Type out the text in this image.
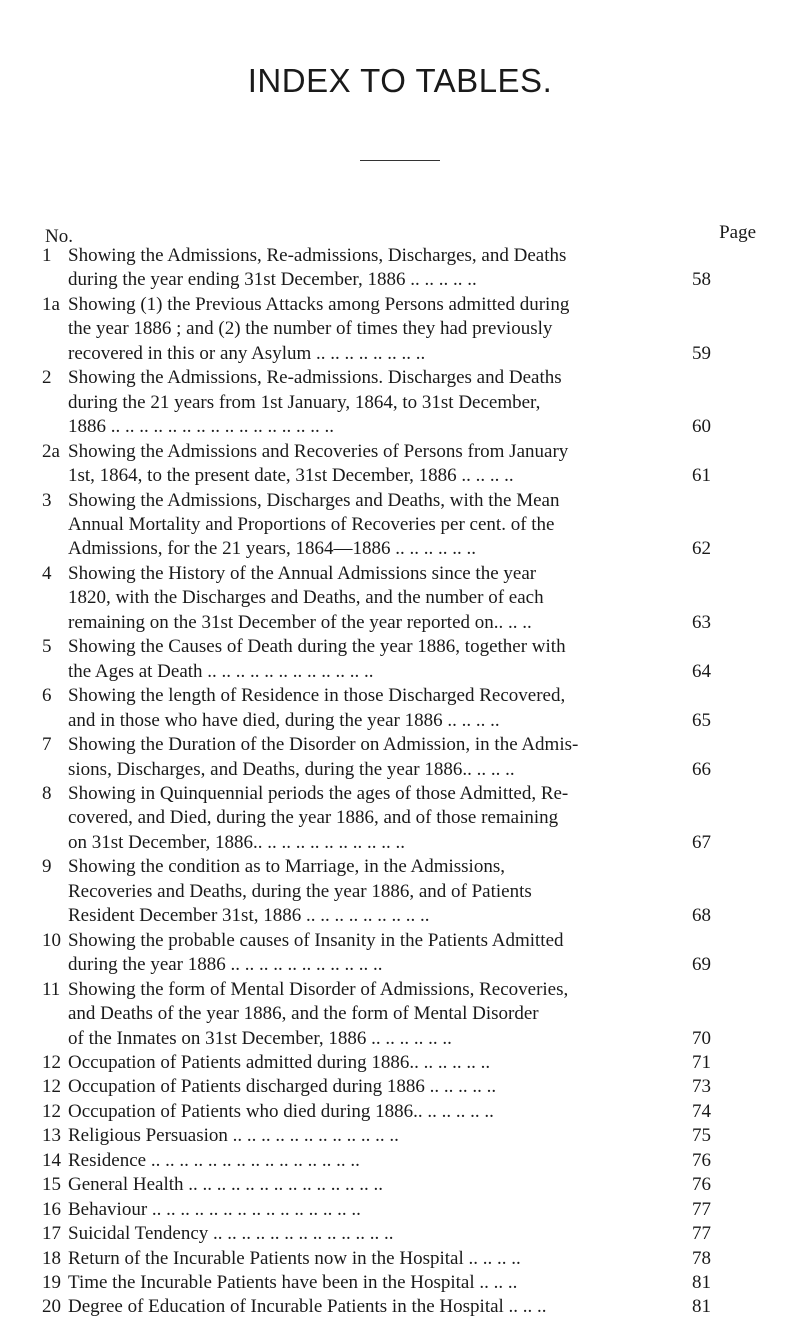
INDEX TO TABLES.
No.	Page
1 Showing the Admissions, Re-admissions, Discharges, and Deaths
during the year ending 31st December, 1886 .. .. .. .. ..	58
1a Showing (1) the Previous Attacks among Persons admitted during
the year 1886 ; and (2) the number of times they had previously
recovered in this or any Asylum .. .. .. .. .. .. .. ..	59
2 Showing the Admissions, Re-admissions. Discharges and Deaths
during the 21 years from 1st January, 1864, to 31st December,
1886 .. .. .. .. .. .. .. .. .. .. .. .. .. .. .. ..	60
2a Showing the Admissions and Recoveries of Persons from January
1st, 1864, to the present date, 31st December, 1886 .. .. .. ..	61
3 Showing the Admissions, Discharges and Deaths, with the Mean
Annual Mortality and Proportions of Recoveries per cent. of the
Admissions, for the 21 years, 1864—1886 .. .. .. .. .. ..	62
4 Showing the History of the Annual Admissions since the year
1820, with the Discharges and Deaths, and the number of each
remaining on the 31st December of the year reported on.. .. ..	63
5 Showing the Causes of Death during the year 1886, together with
the Ages at Death .. .. .. .. .. .. .. .. .. .. .. ..	64
6 Showing the length of Residence in those Discharged Recovered,
and in those who have died, during the year 1886 .. .. .. ..	65
7 Showing the Duration of the Disorder on Admission, in the Admis-
sions, Discharges, and Deaths, during the year 1886.. .. .. ..	66
8 Showing in Quinquennial periods the ages of those Admitted, Re-
covered, and Died, during the year 1886, and of those remaining
on 31st December, 1886.. .. .. .. .. .. .. .. .. .. ..	67
9 Showing the condition as to Marriage, in the Admissions,
Recoveries and Deaths, during the year 1886, and of Patients
Resident December 31st, 1886 .. .. .. .. .. .. .. .. ..	68
10 Showing the probable causes of Insanity in the Patients Admitted
during the year 1886 .. .. .. .. .. .. .. .. .. .. ..	69
11 Showing the form of Mental Disorder of Admissions, Recoveries,
and Deaths of the year 1886, and the form of Mental Disorder
of the Inmates on 31st December, 1886 .. .. .. .. .. ..	70
12 Occupation of Patients admitted during 1886.. .. .. .. .. ..	71
12 Occupation of Patients discharged during 1886 .. .. .. .. ..	73
12 Occupation of Patients who died during 1886.. .. .. .. .. ..	74
13 Religious Persuasion .. .. .. .. .. .. .. .. .. .. .. ..	75
14 Residence .. .. .. .. .. .. .. .. .. .. .. .. .. .. ..	76
15 General Health .. .. .. .. .. .. .. .. .. .. .. .. .. ..	76
16 Behaviour .. .. .. .. .. .. .. .. .. .. .. .. .. .. ..	77
17 Suicidal Tendency .. .. .. .. .. .. .. .. .. .. .. .. ..	77
18 Return of the Incurable Patients now in the Hospital .. .. .. ..	78
19 Time the Incurable Patients have been in the Hospital .. .. ..	81
20 Degree of Education of Incurable Patients in the Hospital .. .. ..	81
